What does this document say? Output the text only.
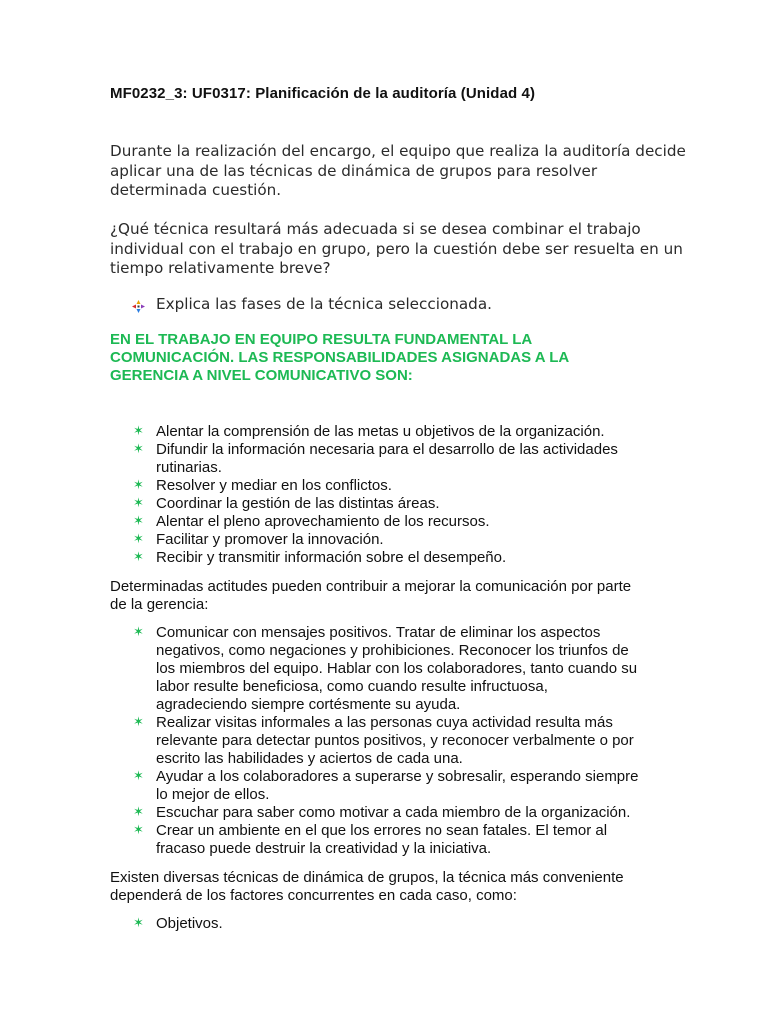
MF0232_3: UF0317: Planificación de la auditoría (Unidad 4)
Durante la realización del encargo, el equipo que realiza la auditoría decide
aplicar una de las técnicas de dinámica de grupos para resolver
determinada cuestión.
¿Qué técnica resultará más adecuada si se desea combinar el trabajo
individual con el trabajo en grupo, pero la cuestión debe ser resuelta en un
tiempo relativamente breve?
Explica las fases de la técnica seleccionada.
EN EL TRABAJO EN EQUIPO RESULTA FUNDAMENTAL LA
COMUNICACIÓN. LAS RESPONSABILIDADES ASIGNADAS A LA
GERENCIA A NIVEL COMUNICATIVO SON:
✶ Alentar la comprensión de las metas u objetivos de la organización.
✶ Difundir la información necesaria para el desarrollo de las actividades
rutinarias.
✶ Resolver y mediar en los conflictos.
✶ Coordinar la gestión de las distintas áreas.
✶ Alentar el pleno aprovechamiento de los recursos.
✶ Facilitar y promover la innovación.
✶ Recibir y transmitir información sobre el desempeño.
Determinadas actitudes pueden contribuir a mejorar la comunicación por parte
de la gerencia:
✶ Comunicar con mensajes positivos. Tratar de eliminar los aspectos
negativos, como negaciones y prohibiciones. Reconocer los triunfos de
los miembros del equipo. Hablar con los colaboradores, tanto cuando su
labor resulte beneficiosa, como cuando resulte infructuosa,
agradeciendo siempre cortésmente su ayuda.
✶ Realizar visitas informales a las personas cuya actividad resulta más
relevante para detectar puntos positivos, y reconocer verbalmente o por
escrito las habilidades y aciertos de cada una.
✶ Ayudar a los colaboradores a superarse y sobresalir, esperando siempre
lo mejor de ellos.
✶ Escuchar para saber como motivar a cada miembro de la organización.
✶ Crear un ambiente en el que los errores no sean fatales. El temor al
fracaso puede destruir la creatividad y la iniciativa.
Existen diversas técnicas de dinámica de grupos, la técnica más conveniente
dependerá de los factores concurrentes en cada caso, como:
✶ Objetivos.
